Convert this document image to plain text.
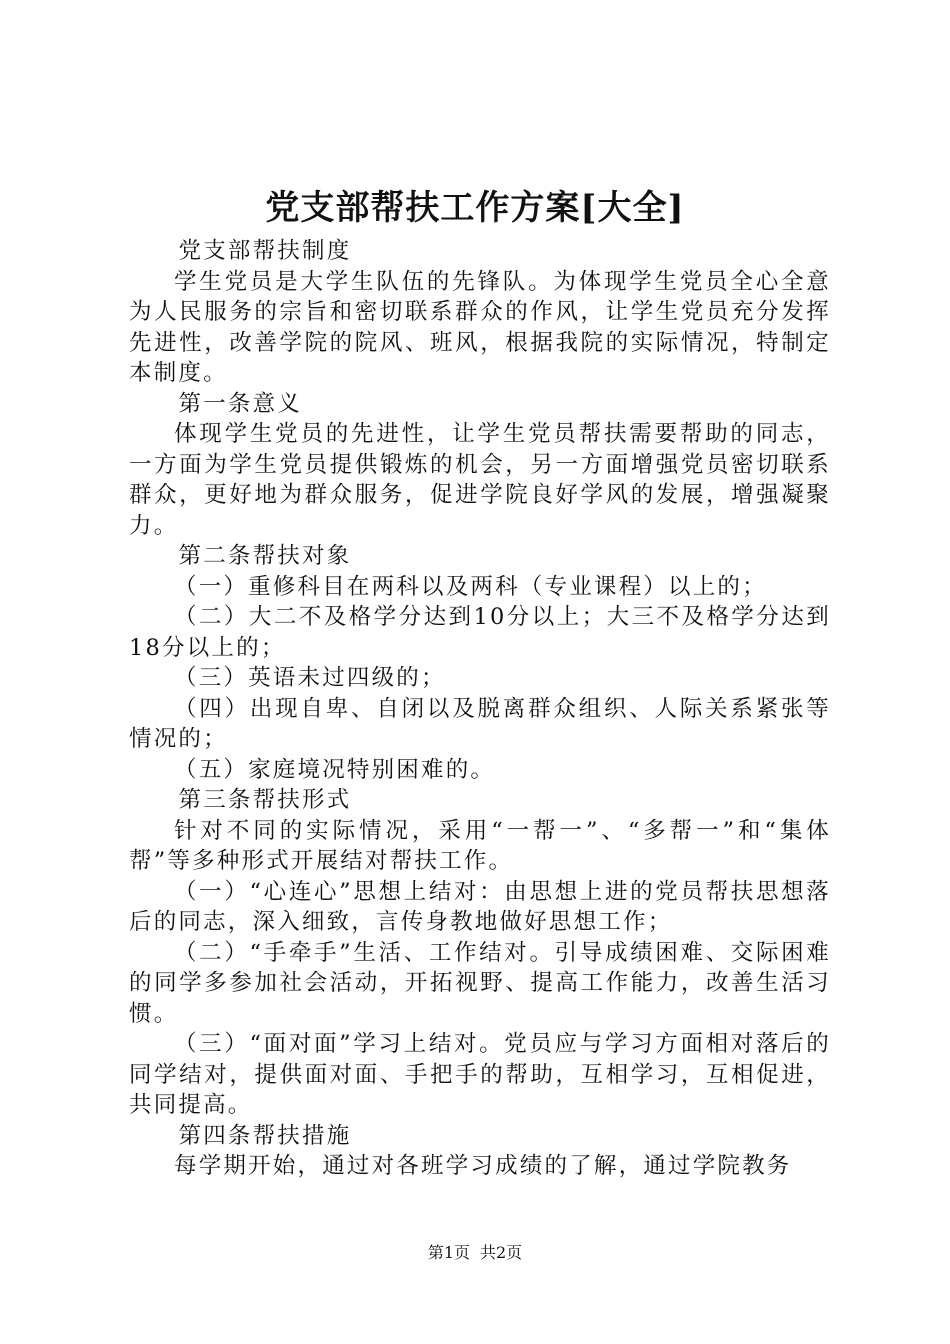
党支部帮扶工作方案[大全]

党支部帮扶制度

学生党员是大学生队伍的先锋队。为体现学生党员全心全意为人民服务的宗旨和密切联系群众的作风，让学生党员充分发挥先进性，改善学院的院风、班风，根据我院的实际情况，特制定本制度。

第一条意义

体现学生党员的先进性，让学生党员帮扶需要帮助的同志，一方面为学生党员提供锻炼的机会，另一方面增强党员密切联系群众，更好地为群众服务，促进学院良好学风的发展，增强凝聚力。

第二条帮扶对象

（一）重修科目在两科以及两科（专业课程）以上的；

（二）大二不及格学分达到10分以上；大三不及格学分达到18分以上的；

（三）英语未过四级的；

（四）出现自卑、自闭以及脱离群众组织、人际关系紧张等情况的；

（五）家庭境况特别困难的。

第三条帮扶形式

针对不同的实际情况，采用“一帮一”、“多帮一”和“集体帮”等多种形式开展结对帮扶工作。

（一）“心连心”思想上结对：由思想上进的党员帮扶思想落后的同志，深入细致，言传身教地做好思想工作；

（二）“手牵手”生活、工作结对。引导成绩困难、交际困难的同学多参加社会活动，开拓视野、提高工作能力，改善生活习惯。

（三）“面对面”学习上结对。党员应与学习方面相对落后的同学结对，提供面对面、手把手的帮助，互相学习，互相促进，共同提高。

第四条帮扶措施

每学期开始，通过对各班学习成绩的了解，通过学院教务

第1页 共2页
